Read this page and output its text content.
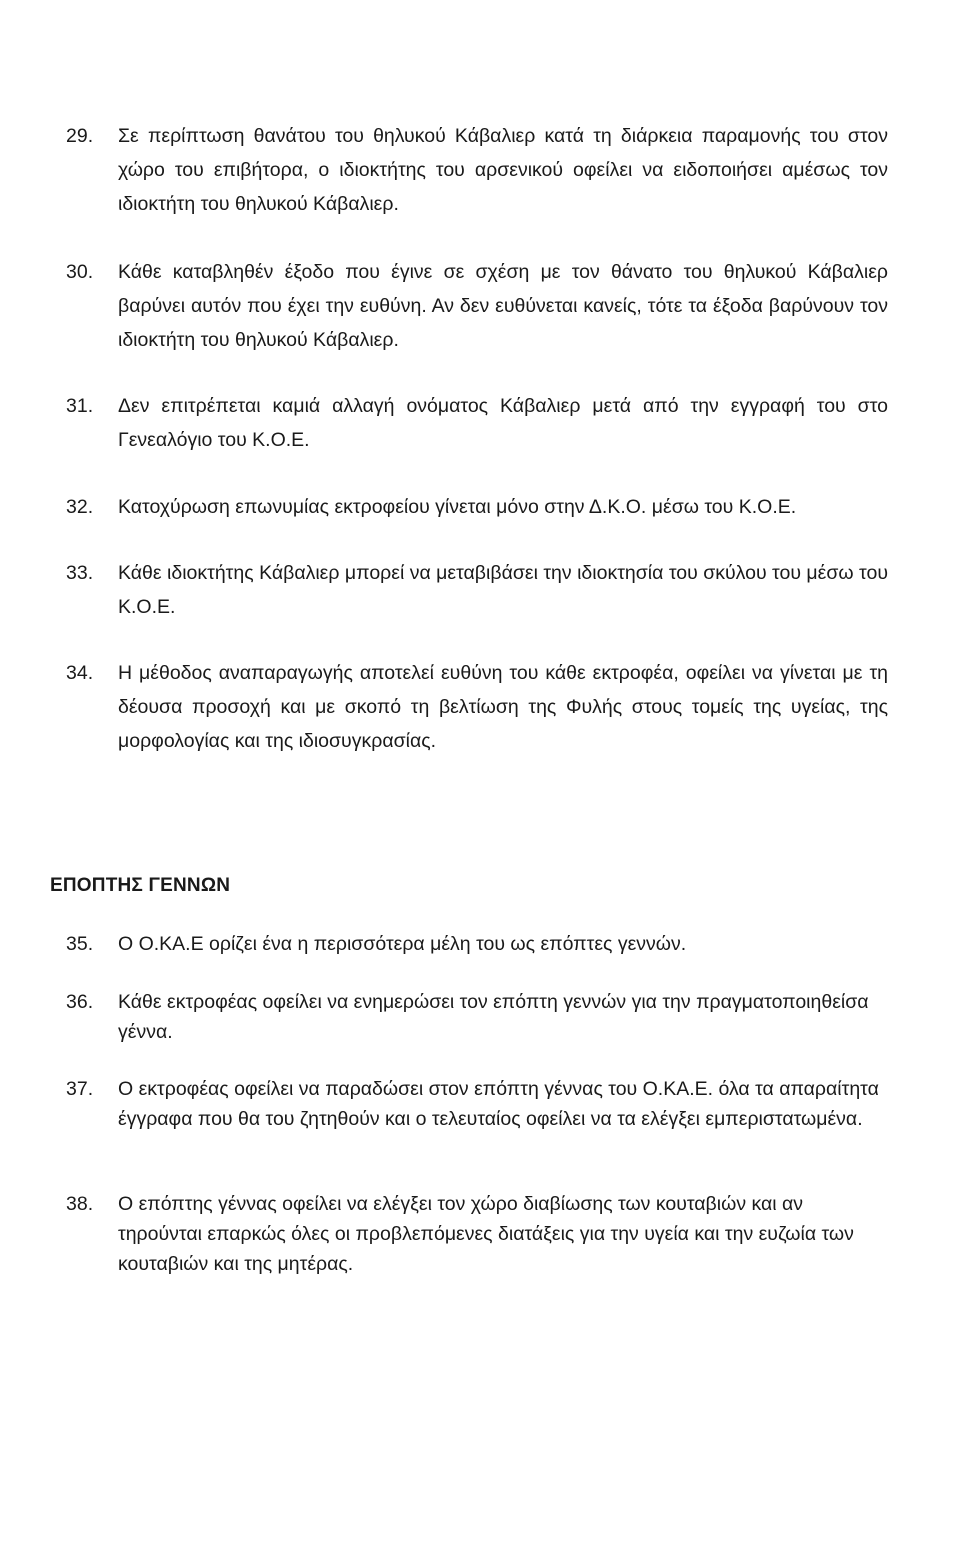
29.	Σε περίπτωση θανάτου του θηλυκού Κάβαλιερ κατά τη διάρκεια παραμονής του στον χώρο του επιβήτορα, ο ιδιοκτήτης του αρσενικού οφείλει να ειδοποιήσει αμέσως τον ιδιοκτήτη του θηλυκού Κάβαλιερ.
30.	Κάθε καταβληθέν έξοδο που έγινε σε σχέση με τον θάνατο του θηλυκού Κάβαλιερ βαρύνει αυτόν που έχει την ευθύνη. Αν δεν ευθύνεται κανείς, τότε τα έξοδα βαρύνουν τον ιδιοκτήτη του θηλυκού Κάβαλιερ.
31.	Δεν επιτρέπεται καμιά αλλαγή ονόματος Κάβαλιερ μετά από την εγγραφή του στο Γενεαλόγιο του Κ.Ο.Ε.
32.	Κατοχύρωση επωνυμίας εκτροφείου γίνεται μόνο στην Δ.Κ.Ο. μέσω του Κ.Ο.Ε.
33.	Κάθε ιδιοκτήτης Κάβαλιερ μπορεί να μεταβιβάσει την ιδιοκτησία του σκύλου του μέσω του Κ.Ο.Ε.
34.	Η μέθοδος αναπαραγωγής αποτελεί ευθύνη του κάθε εκτροφέα, οφείλει να γίνεται με τη δέουσα προσοχή και με σκοπό τη βελτίωση της Φυλής στους τομείς της υγείας, της μορφολογίας και της ιδιοσυγκρασίας.
ΕΠΟΠΤΗΣ ΓΕΝΝΩΝ
35.	Ο Ο.ΚΑ.Ε ορίζει ένα η περισσότερα μέλη του ως επόπτες γεννών.
36.	Κάθε εκτροφέας οφείλει να ενημερώσει τον επόπτη γεννών για την πραγματοποιηθείσα γέννα.
37.	Ο εκτροφέας οφείλει να παραδώσει στον επόπτη γέννας του Ο.ΚΑ.Ε. όλα τα απαραίτητα έγγραφα που θα του ζητηθούν και ο τελευταίος οφείλει να τα ελέγξει εμπεριστατωμένα.
38.	Ο επόπτης γέννας οφείλει να ελέγξει τον χώρο διαβίωσης των κουταβιών και αν τηρούνται επαρκώς όλες οι προβλεπόμενες διατάξεις για την υγεία και την ευζωία των κουταβιών και της μητέρας.
